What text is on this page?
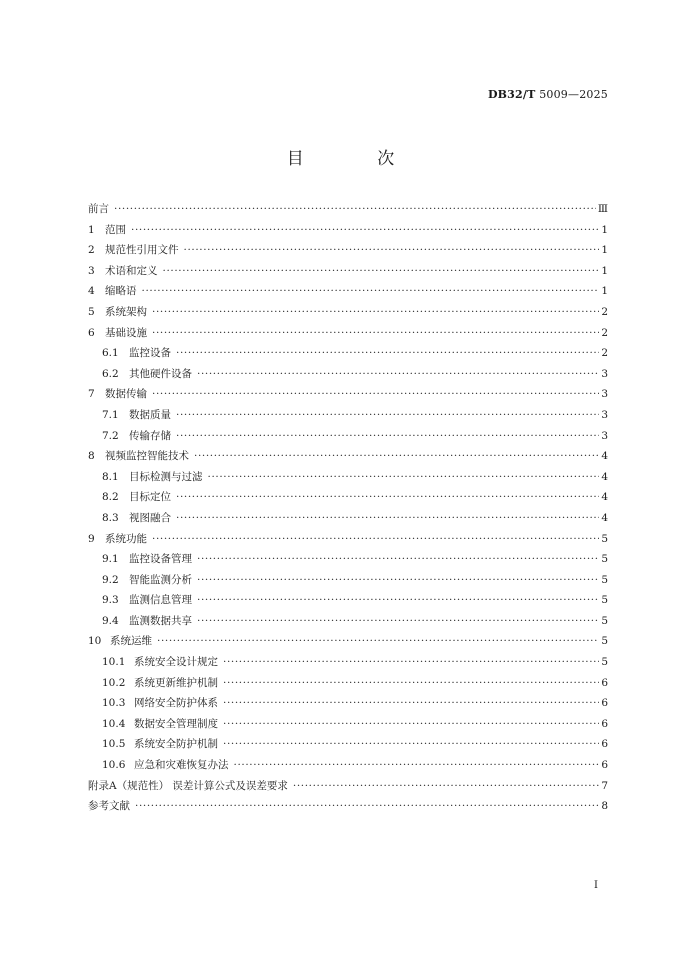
DB32/T 5009—2025
目 次
前言 ·····	Ⅲ
1 范围 ·····	1
2 规范性引用文件 ·····	1
3 术语和定义 ·····	1
4 缩略语 ·····	1
5 系统架构 ·····	2
6 基础设施 ·····	2
6.1 监控设备 ·····	2
6.2 其他硬件设备 ·····	3
7 数据传输 ·····	3
7.1 数据质量 ·····	3
7.2 传输存储 ·····	3
8 视频监控智能技术 ·····	4
8.1 目标检测与过滤 ·····	4
8.2 目标定位 ·····	4
8.3 视图融合 ·····	4
9 系统功能 ·····	5
9.1 监控设备管理 ·····	5
9.2 智能监测分析 ·····	5
9.3 监测信息管理 ·····	5
9.4 监测数据共享 ·····	5
10 系统运维 ·····	5
10.1 系统安全设计规定 ·····	5
10.2 系统更新维护机制 ·····	6
10.3 网络安全防护体系 ·····	6
10.4 数据安全管理制度 ·····	6
10.5 系统安全防护机制 ·····	6
10.6 应急和灾难恢复办法 ·····	6
附录A（规范性） 误差计算公式及误差要求 ·····	7
参考文献 ·····	8
I
